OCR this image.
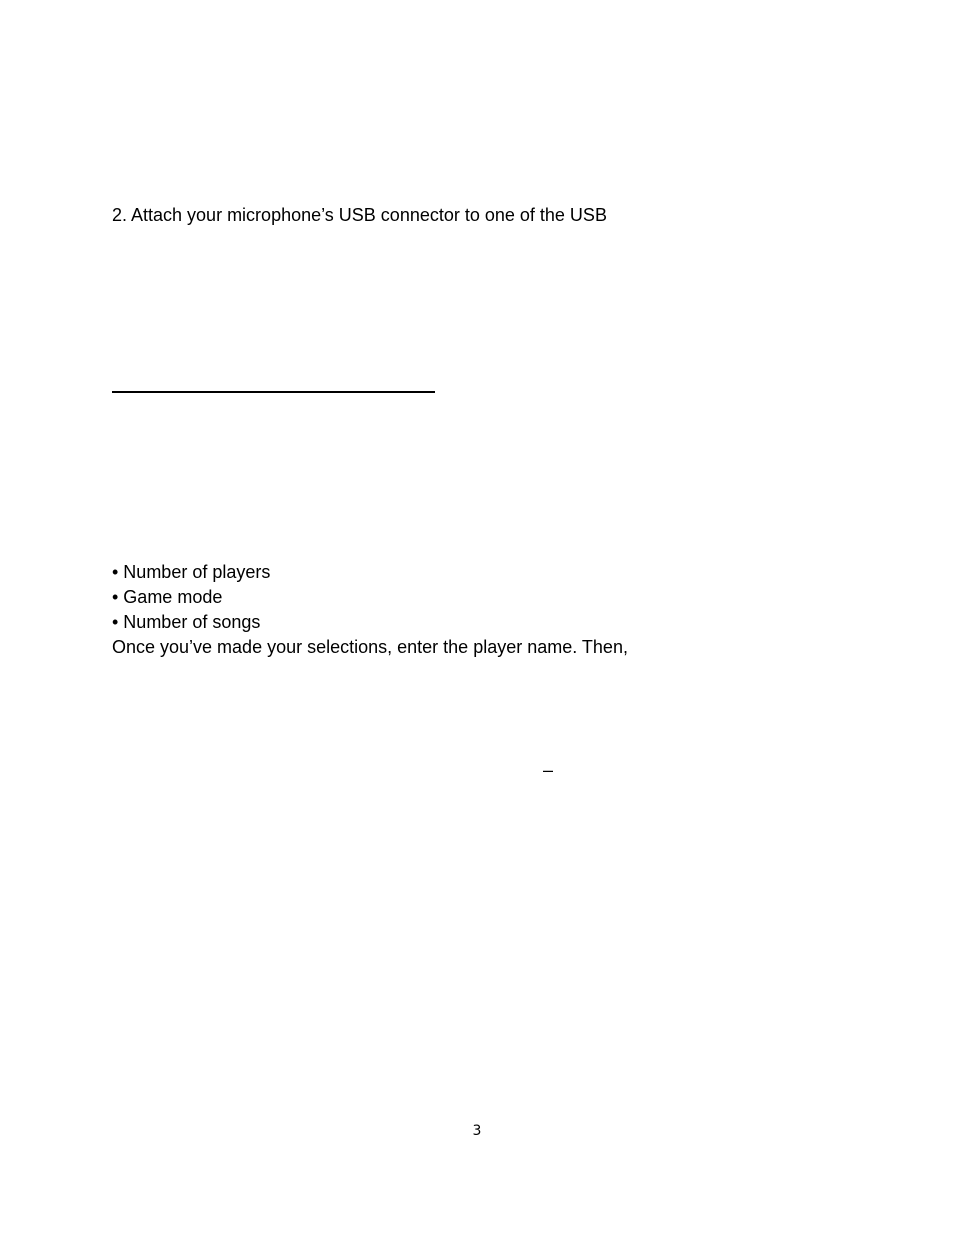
2. Attach your microphone’s USB connector to one of the USB
• Number of players
• Game mode
• Number of songs
Once you’ve made your selections, enter the player name. Then,
–
3
